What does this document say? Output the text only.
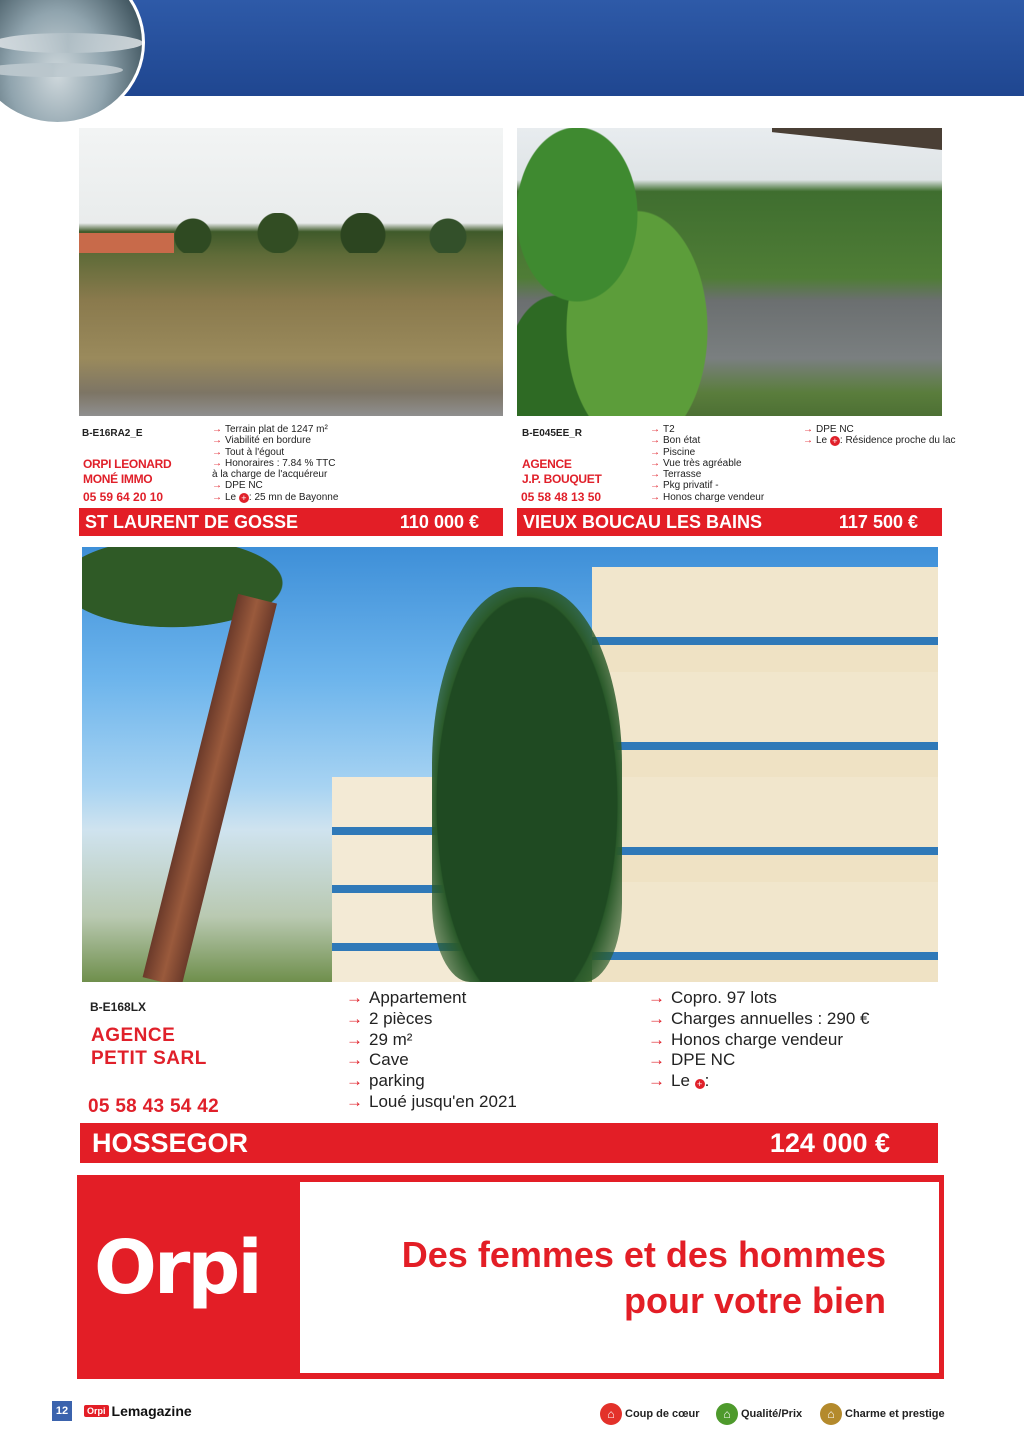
B-E16RA2_E
ORPI LEONARD
MONÉ IMMO
05 59 64 20 10
→ Terrain plat de 1247 m²
→ Viabilité en bordure
→ Tout à l'égout
→ Honoraires : 7.84 % TTC
à la charge de l'acquéreur
→ DPE NC
→ Le + : 25 mn de Bayonne
ST LAURENT DE GOSSE	110 000 €
B-E045EE_R
AGENCE
J.P. BOUQUET
05 58 48 13 50
→ T2
→ Bon état
→ Piscine
→ Vue très agréable
→ Terrasse
→ Pkg privatif -
→ Honos charge vendeur
→ DPE NC
→ Le + : Résidence proche du lac
VIEUX BOUCAU LES BAINS	117 500 €
B-E168LX
AGENCE
PETIT SARL
05 58 43 54 42
→ Appartement
→ 2 pièces
→ 29 m²
→ Cave
→ parking
→ Loué jusqu'en 2021
→ Copro. 97 lots
→ Charges annuelles : 290 €
→ Honos charge vendeur
→ DPE NC
→ Le + :
HOSSEGOR	124 000 €
Orpi	Des femmes et des hommes
pour votre bien
12	Orpi Lemagazine	⌂ Coup de cœur	⌂ Qualité/Prix	⌂ Charme et prestige
